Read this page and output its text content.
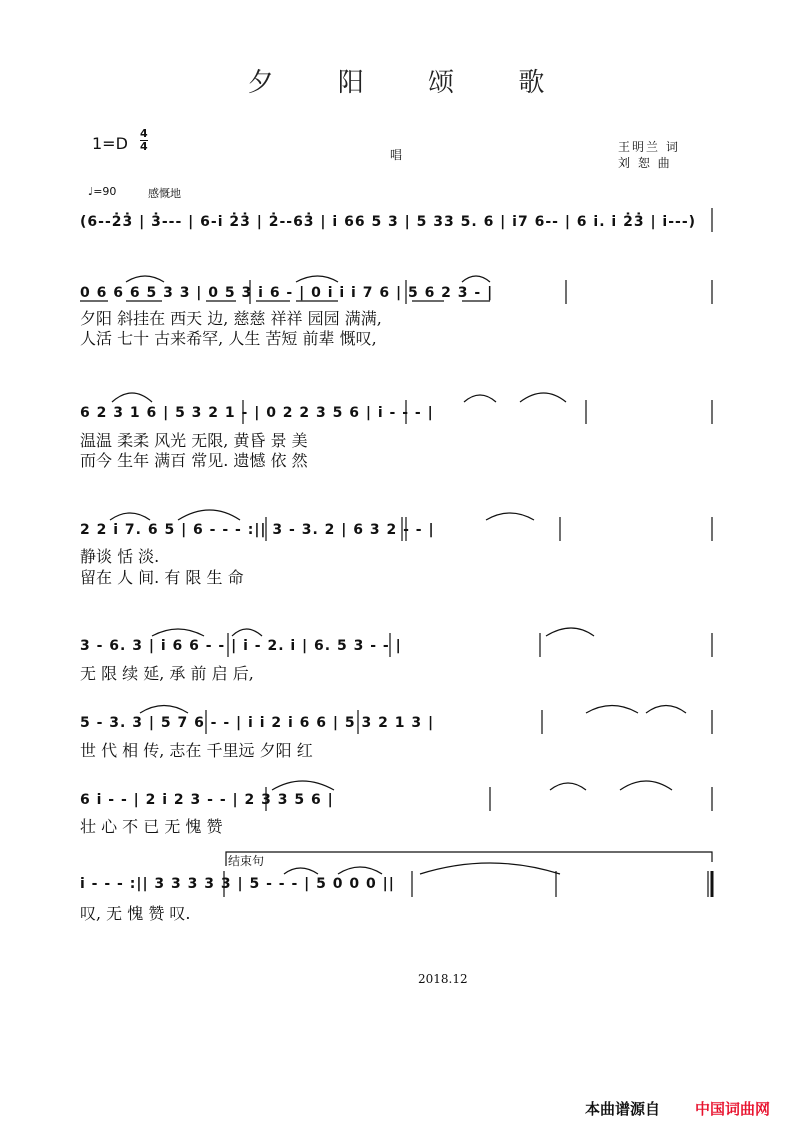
夕 阳 颂 歌
1=D
4
4
唱
王明兰 词
刘 恕 曲
♩=90	感慨地
(6--2̇3̇ | 3̇--- | 6-i 2̇3̇ | 2̇--63̇ | i 66 5 3 | 5 33 5. 6 | i7 6-- | 6 i. i 2̇3̇ | i---)
0 6 6 6 5 3 3 | 0 5 3 i 6 - | 0 i i i 7 6 | 5 6 2 3 - |
夕阳 斜挂在 西天 边, 慈慈 祥祥 园园 满满,
人活 七十 古来希罕, 人生 苦短 前辈 慨叹,
6 2 3 1 6 | 5 3 2 1 - | 0 2 2 3 5 6 | i - - - |
温温 柔柔 风光 无限, 黄昏 景 美
而今 生年 满百 常见. 遗憾 依 然
2 2 i 7. 6 5 | 6 - - - :|| 3 - 3. 2 | 6 3 2 - - |
静谈 恬 淡.
留在 人 间. 有 限 生 命
3 - 6. 3 | i 6 6 - - | i - 2. i | 6. 5 3 - - |
无 限 续 延, 承 前 启 后,
5 - 3. 3 | 5 7 6 - - | i i 2 i 6 6 | 5 3 2 1 3 |
世 代 相 传, 志在 千里远 夕阳 红
6 i - - | 2 i 2 3 - - | 2 3 3 5 6 |
壮 心 不 已 无 愧 赞
结束句
i - - - :|| 3 3 3 3 3 | 5 - - - | 5 0 0 0 ||
叹, 无 愧 赞 叹.
2018.12
本曲谱源自 中国词曲网
